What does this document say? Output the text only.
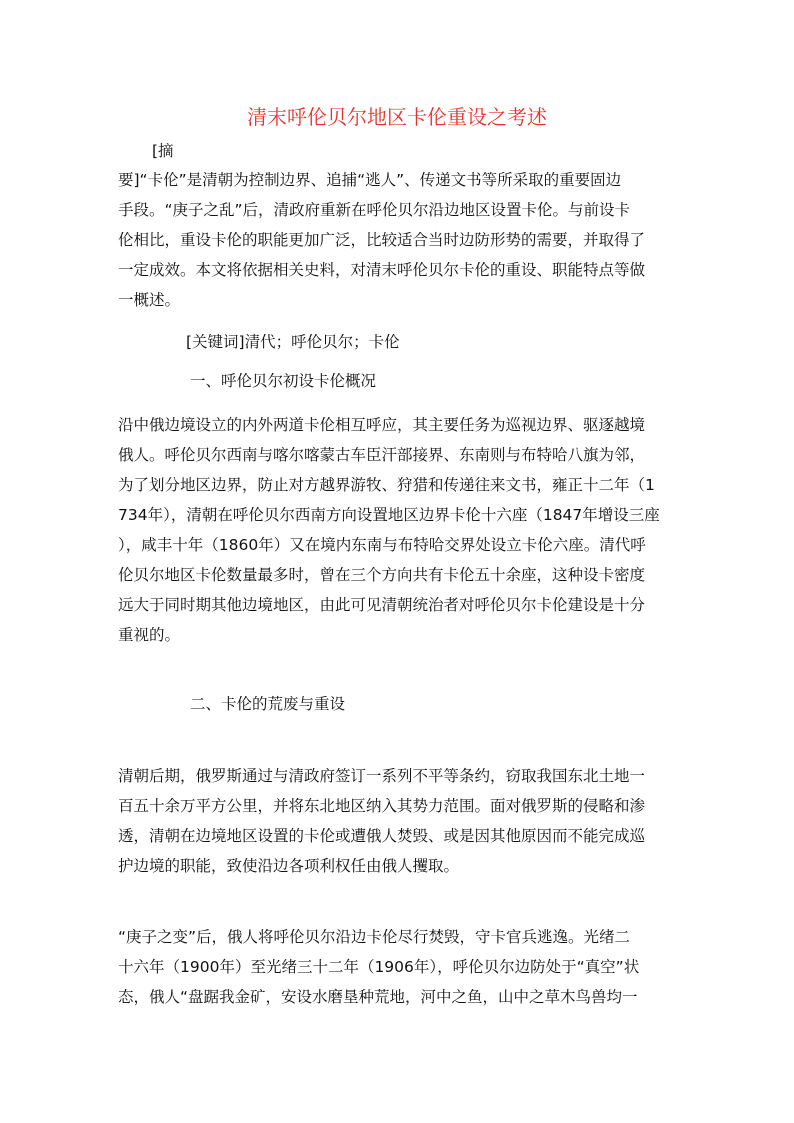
清末呼伦贝尔地区卡伦重设之考述
[摘
要]“卡伦”是清朝为控制边界、追捕“逃人”、传递文书等所采取的重要固边
手段。“庚子之乱”后，清政府重新在呼伦贝尔沿边地区设置卡伦。与前设卡
伦相比，重设卡伦的职能更加广泛，比较适合当时边防形势的需要，并取得了
一定成效。本文将依据相关史料，对清末呼伦贝尔卡伦的重设、职能特点等做
一概述。
[关键词]清代；呼伦贝尔；卡伦
一、呼伦贝尔初设卡伦概况
沿中俄边境设立的内外两道卡伦相互呼应，其主要任务为巡视边界、驱逐越境
俄人。呼伦贝尔西南与喀尔喀蒙古车臣汗部接界、东南则与布特哈八旗为邻，
为了划分地区边界，防止对方越界游牧、狩猎和传递往来文书，雍正十二年（1
734年），清朝在呼伦贝尔西南方向设置地区边界卡伦十六座（1847年增设三座
），咸丰十年（1860年）又在境内东南与布特哈交界处设立卡伦六座。清代呼
伦贝尔地区卡伦数量最多时，曾在三个方向共有卡伦五十余座，这种设卡密度
远大于同时期其他边境地区，由此可见清朝统治者对呼伦贝尔卡伦建设是十分
重视的。
二、卡伦的荒废与重设
清朝后期，俄罗斯通过与清政府签订一系列不平等条约，窃取我国东北土地一
百五十余万平方公里，并将东北地区纳入其势力范围。面对俄罗斯的侵略和渗
透，清朝在边境地区设置的卡伦或遭俄人焚毁、或是因其他原因而不能完成巡
护边境的职能，致使沿边各项利权任由俄人攫取。
“庚子之变”后，俄人将呼伦贝尔沿边卡伦尽行焚毁，守卡官兵逃逸。光绪二
十六年（1900年）至光绪三十二年（1906年），呼伦贝尔边防处于“真空”状
态，俄人“盘踞我金矿，安设水磨垦种荒地，河中之鱼，山中之草木鸟兽均一
